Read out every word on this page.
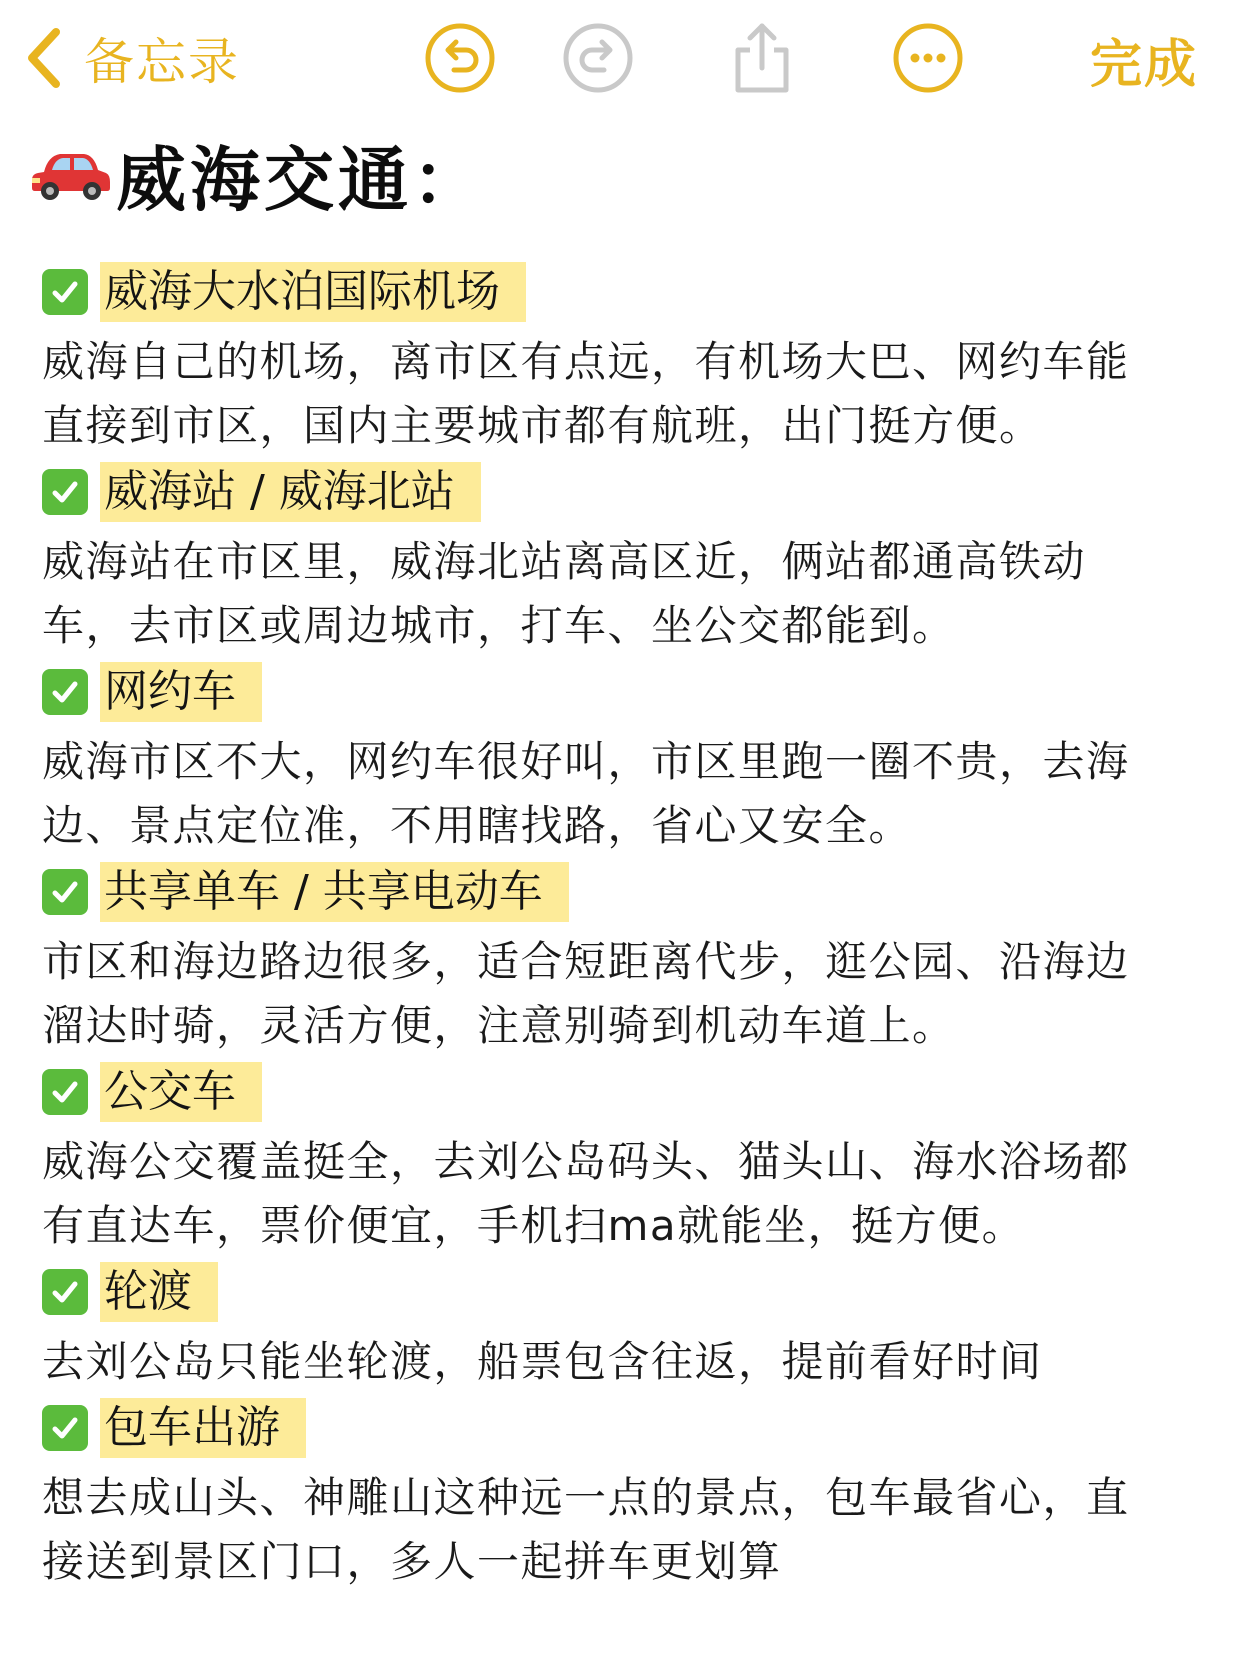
备忘录	完成
威海交通：
威海大水泊国际机场

威海自己的机场，离市区有点远，有机场大巴、网约车能
直接到市区，国内主要城市都有航班，出门挺方便。

威海站 / 威海北站

威海站在市区里，威海北站离高区近，俩站都通高铁动
车，去市区或周边城市，打车、坐公交都能到。

网约车

威海市区不大，网约车很好叫，市区里跑一圈不贵，去海
边、景点定位准，不用瞎找路，省心又安全。

共享单车 / 共享电动车

市区和海边路边很多，适合短距离代步，逛公园、沿海边
溜达时骑，灵活方便，注意别骑到机动车道上。

公交车

威海公交覆盖挺全，去刘公岛码头、猫头山、海水浴场都
有直达车，票价便宜，手机扫ma就能坐，挺方便。

轮渡

去刘公岛只能坐轮渡，船票包含往返，提前看好时间

包车出游

想去成山头、神雕山这种远一点的景点，包车最省心，直
接送到景区门口，多人一起拼车更划算
